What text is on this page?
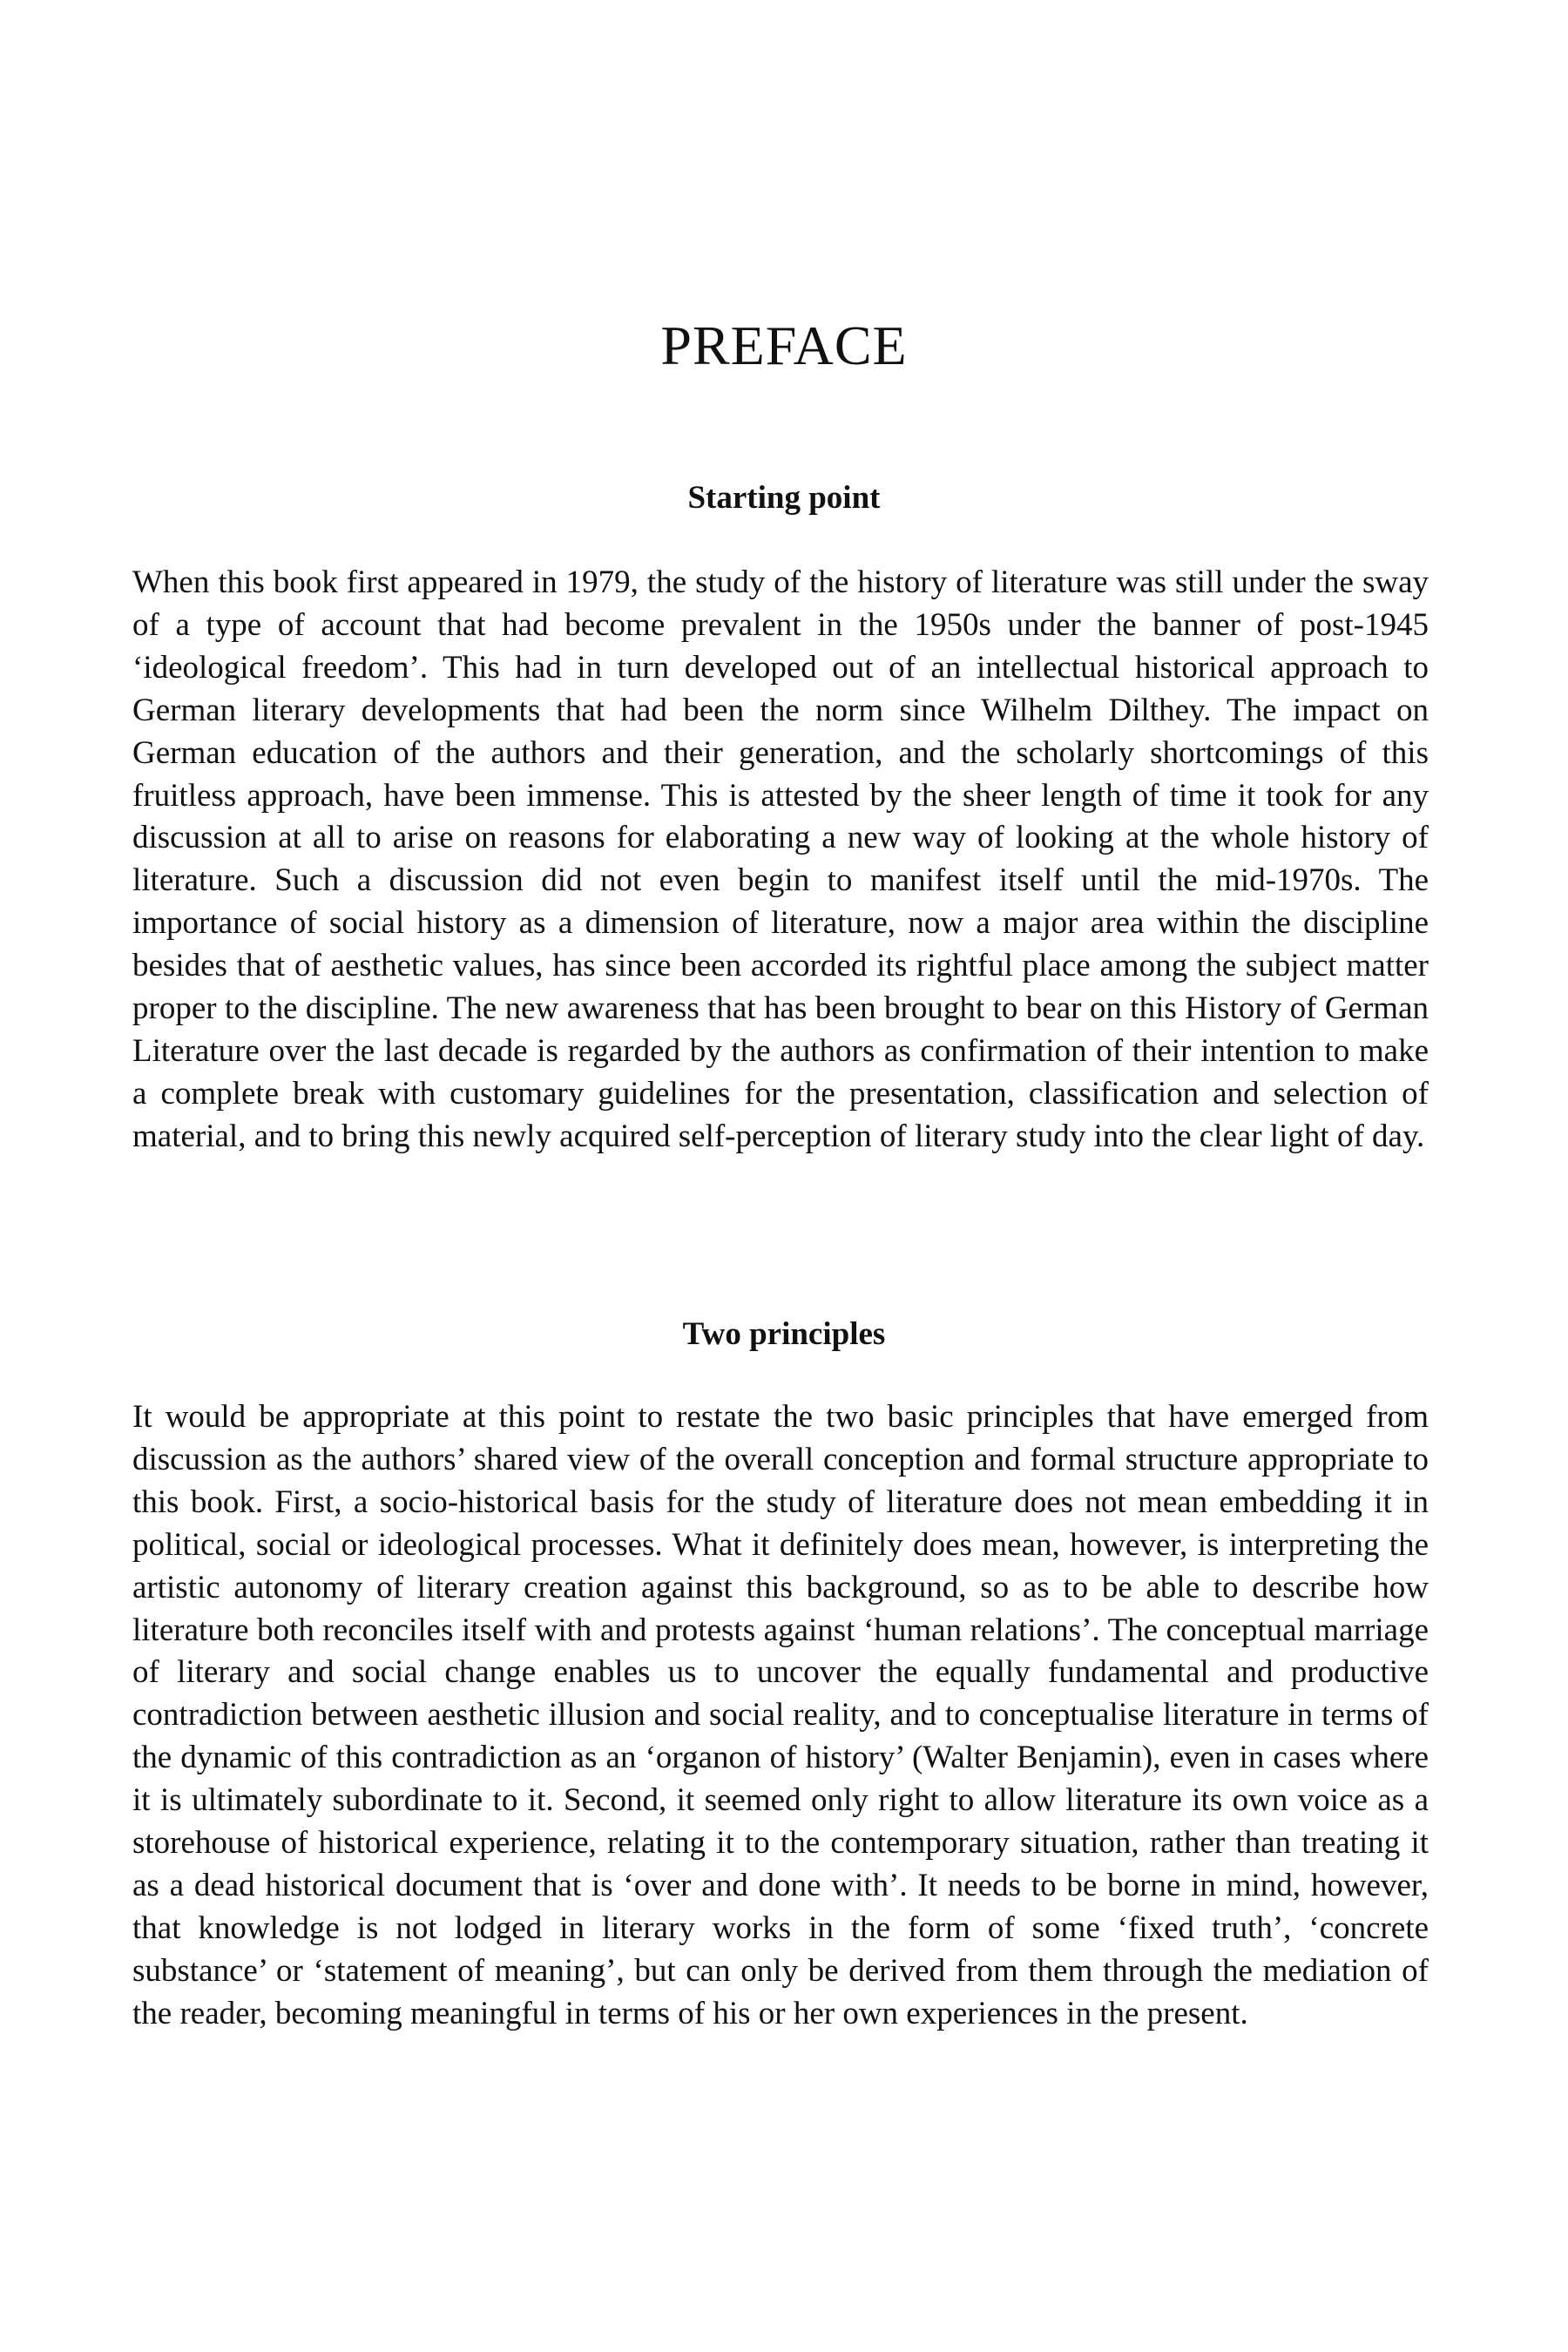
PREFACE
Starting point

When this book first appeared in 1979, the study of the history of literature was still under the sway of a type of account that had become prevalent in the 1950s under the banner of post-1945 ‘ideological freedom’. This had in turn developed out of an intellectual historical approach to German literary developments that had been the norm since Wilhelm Dilthey. The impact on German education of the authors and their generation, and the scholarly shortcomings of this fruitless approach, have been immense. This is attested by the sheer length of time it took for any discussion at all to arise on reasons for elaborating a new way of looking at the whole history of literature. Such a discussion did not even begin to manifest itself until the mid-1970s. The importance of social history as a dimension of literature, now a major area within the discipline besides that of aesthetic values, has since been accorded its rightful place among the subject matter proper to the discipline. The new awareness that has been brought to bear on this History of German Literature over the last decade is regarded by the authors as confirmation of their intention to make a complete break with customary guidelines for the presentation, classification and selection of material, and to bring this newly acquired self-perception of literary study into the clear light of day.

Two principles

It would be appropriate at this point to restate the two basic principles that have emerged from discussion as the authors’ shared view of the overall conception and formal structure appropriate to this book. First, a socio-historical basis for the study of literature does not mean embedding it in political, social or ideological processes. What it definitely does mean, however, is interpreting the artistic autonomy of literary creation against this background, so as to be able to describe how literature both reconciles itself with and protests against ‘human relations’. The conceptual marriage of literary and social change enables us to uncover the equally fundamental and productive contradiction between aesthetic illusion and social reality, and to conceptualise literature in terms of the dynamic of this contradiction as an ‘organon of history’ (Walter Benjamin), even in cases where it is ultimately subordinate to it. Second, it seemed only right to allow literature its own voice as a storehouse of historical experience, relating it to the contemporary situation, rather than treating it as a dead historical document that is ‘over and done with’. It needs to be borne in mind, however, that knowledge is not lodged in literary works in the form of some ‘fixed truth’, ‘concrete substance’ or ‘statement of meaning’, but can only be derived from them through the mediation of the reader, becoming meaningful in terms of his or her own experiences in the present.
